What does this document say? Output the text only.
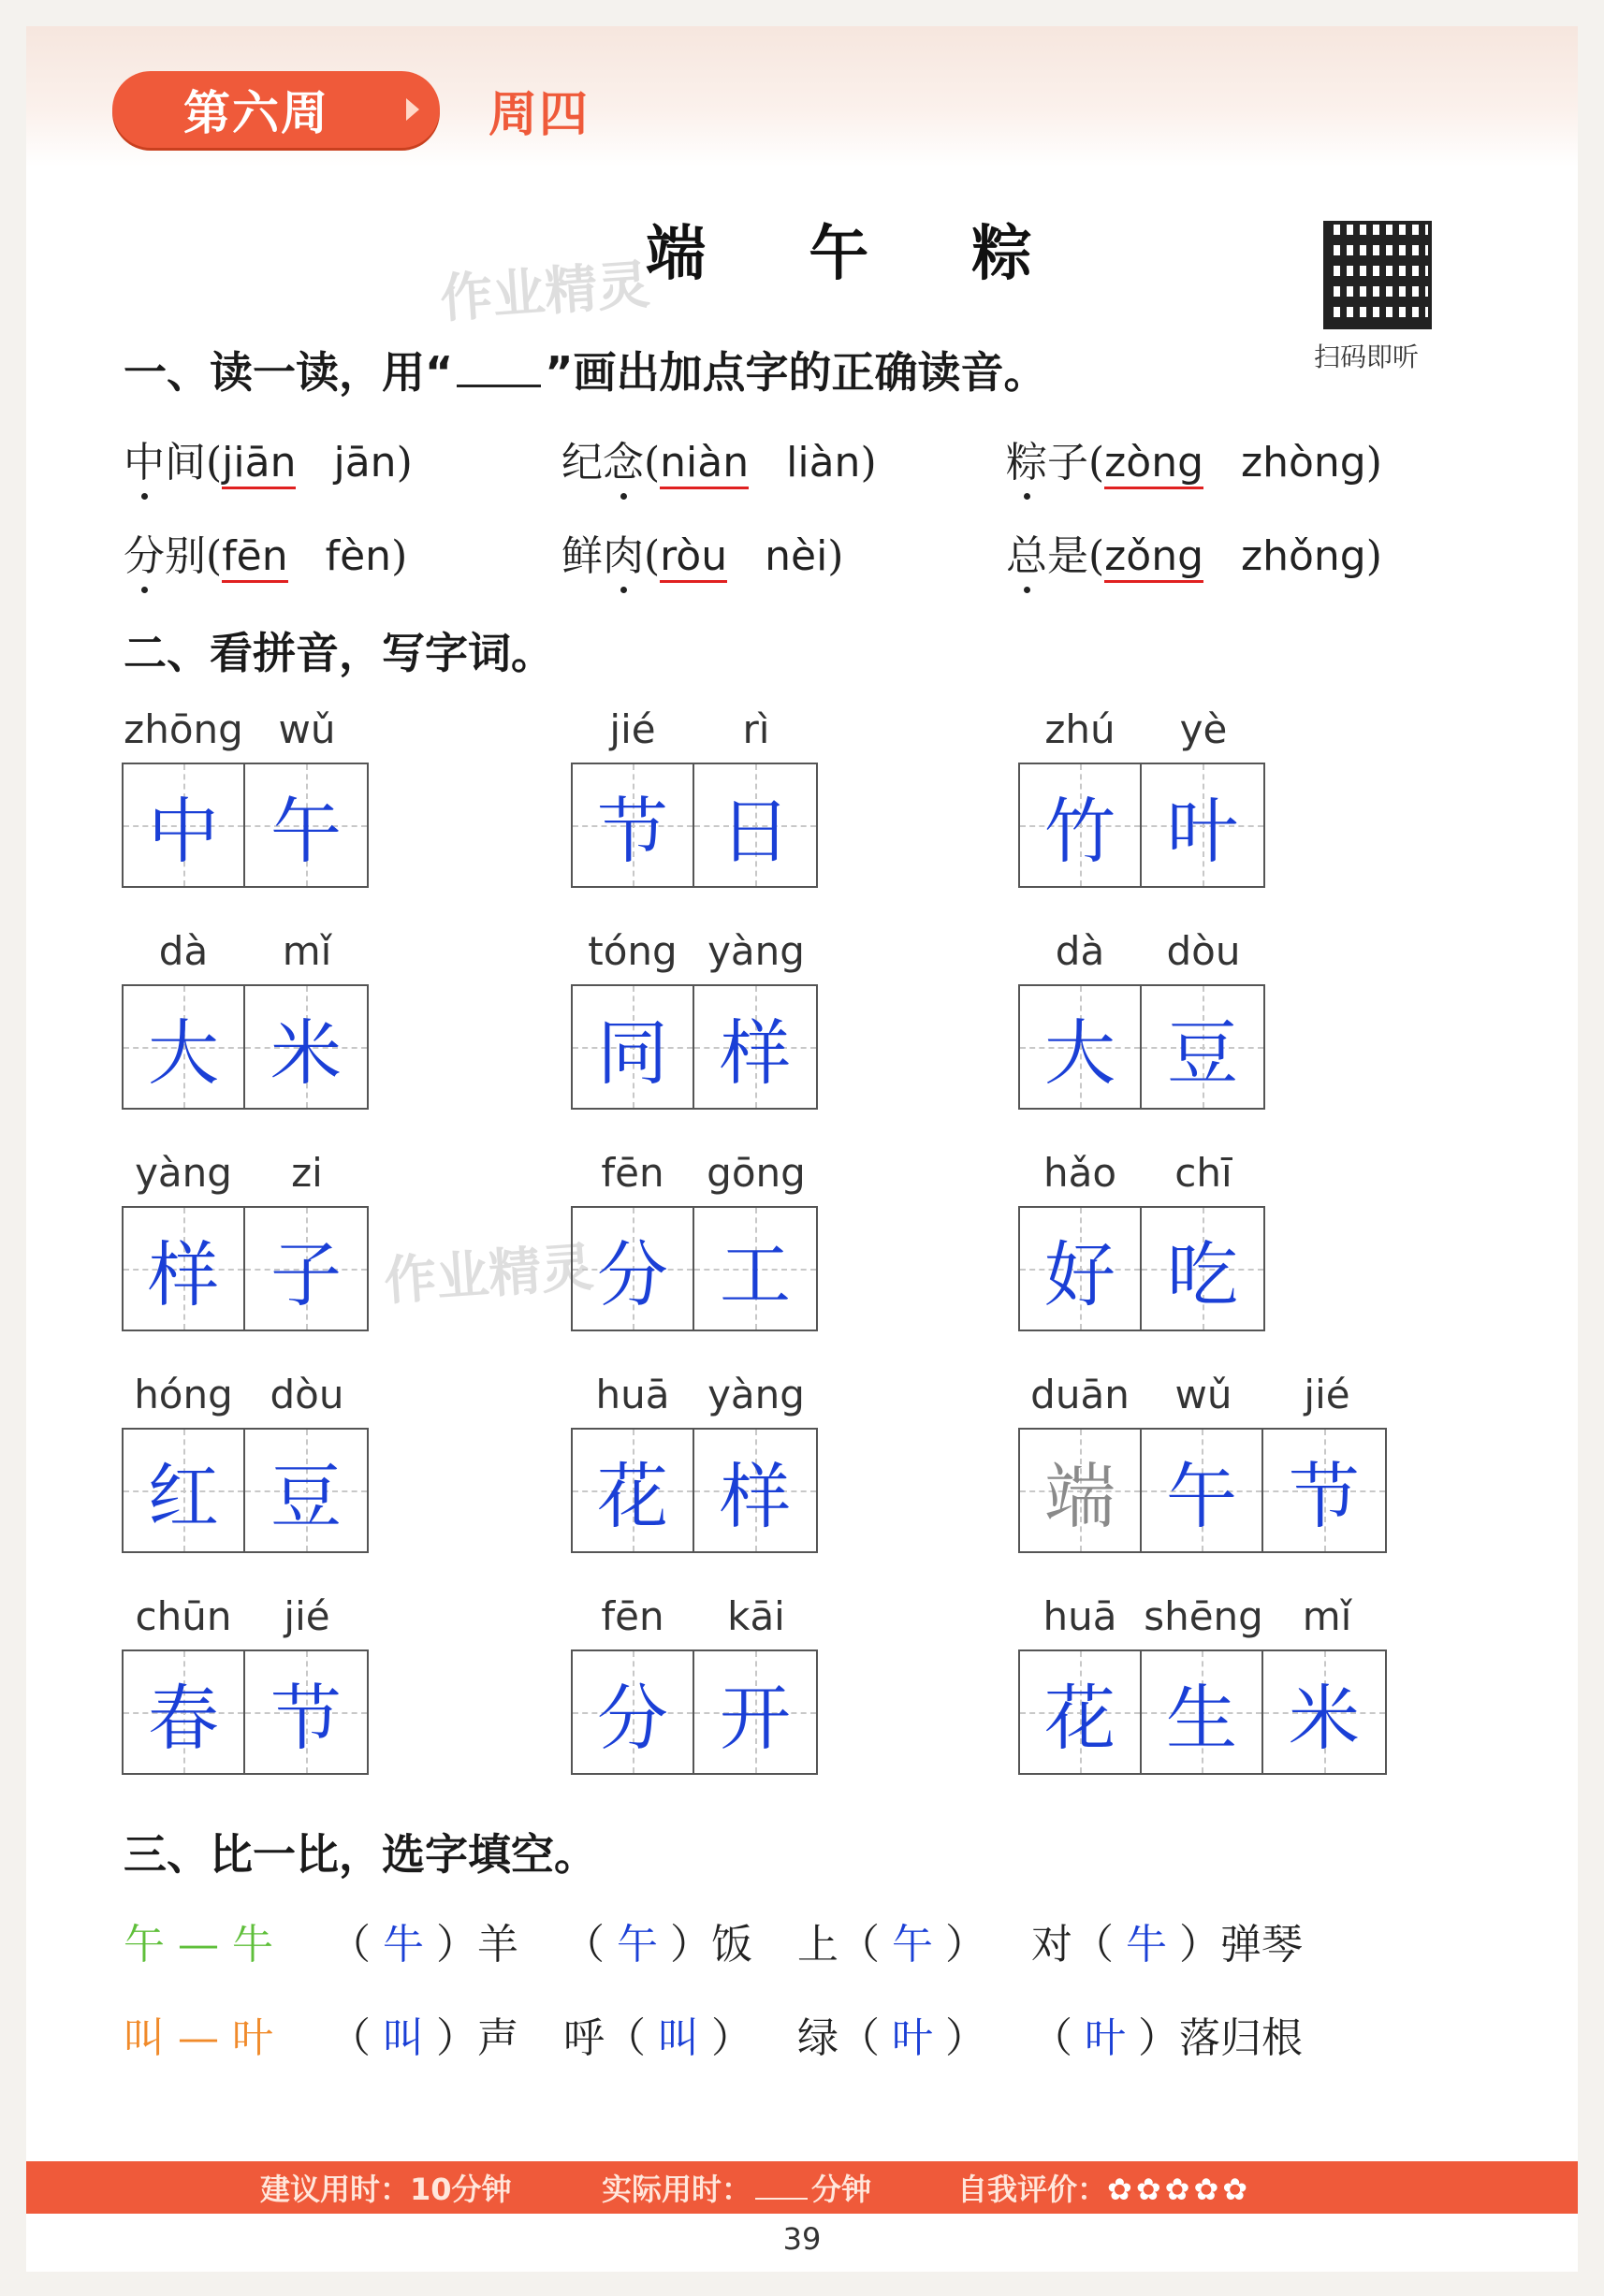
第六周	周四
端 午 粽
作业精灵
作业精灵
扫码即听
一、读一读，用“ ”画出加点字的正确读音。
中间(jiān jān)	纪念(niàn liàn)	粽子(zòng zhòng)
分别(fēn fèn)	鲜肉(ròu nèi)	总是(zǒng zhǒng)
二、看拼音，写字词。
zhōng wǔ
中 午
jié	rì
节 日
zhú	yè
竹 叶
dà	mǐ
大 米
tóng yàng
同 样
dà	dòu
大 豆
yàng	zi
样 子
fēn	gōng
分 工
hǎo	chī
好 吃
hóng dòu
红 豆
huā yàng
花 样
duān	wǔ	jié
端 午 节
chūn	jié
春 节
fēn	kāi
分 开
huā shēng mǐ
花 生 米
三、比一比，选字填空。
午 — 牛 （ 牛 ）羊 （ 午 ）饭 上（ 午 ） 对（ 牛 ）弹琴
叫 — 叶 （ 叫 ）声 呼（ 叫 ） 绿（ 叶 ） （ 叶 ）落归根
建议用时：10分钟	实际用时： 分钟	自我评价：✿✿✿✿✿
39
